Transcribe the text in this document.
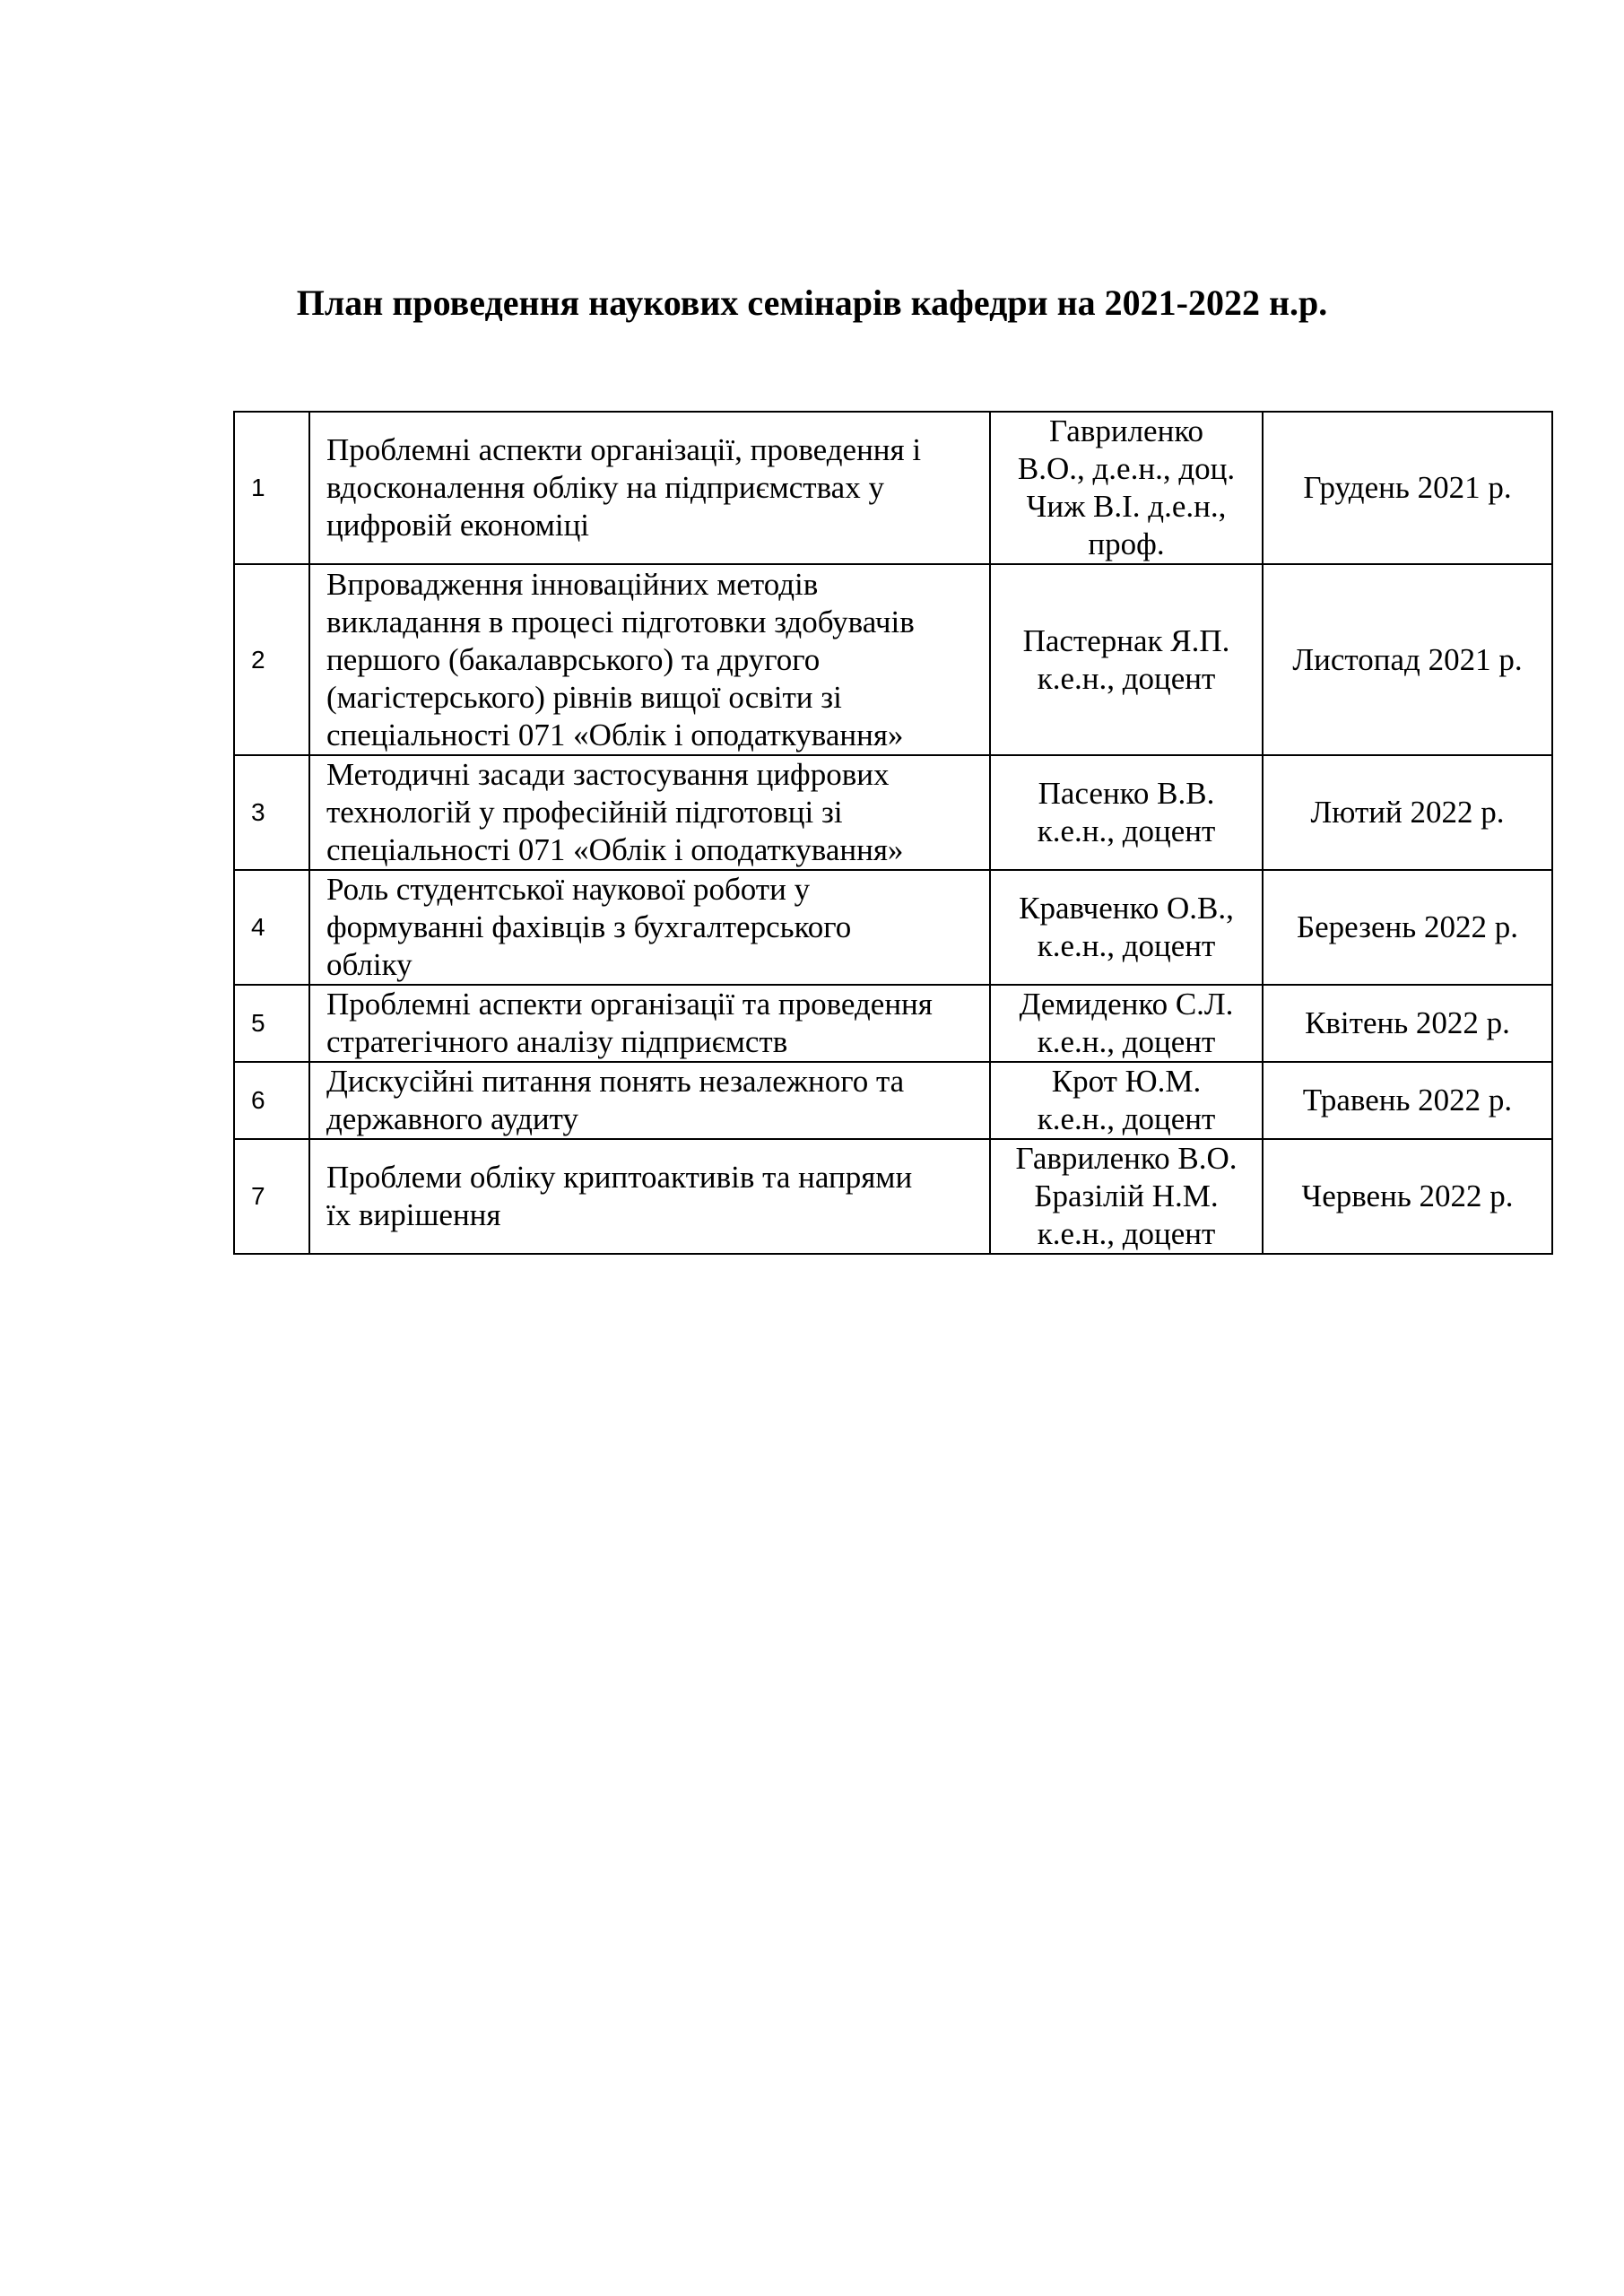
План проведення наукових семінарів кафедри на 2021-2022 н.р.
1	Проблемні аспекти організації, проведення і
вдосконалення обліку на підприємствах у
цифровій економіці	Гавриленко
В.О., д.е.н., доц.
Чиж В.І. д.е.н.,
проф.	Грудень 2021 р.
2	Впровадження інноваційних методів
викладання в процесі підготовки здобувачів
першого (бакалаврського) та другого
(магістерського) рівнів вищої освіти зі
спеціальності 071 «Облік і оподаткування»	Пастернак Я.П.
к.е.н., доцент	Листопад 2021 р.
3	Методичні засади застосування цифрових
технологій у професійній підготовці зі
спеціальності 071 «Облік і оподаткування»	Пасенко В.В.
к.е.н., доцент	Лютий 2022 р.
4	Роль студентської наукової роботи у
формуванні фахівців з бухгалтерського
обліку	Кравченко О.В.,
к.е.н., доцент	Березень 2022 р.
5	Проблемні аспекти організації та проведення
стратегічного аналізу підприємств	Демиденко С.Л.
к.е.н., доцент	Квітень 2022 р.
6	Дискусійні питання понять незалежного та
державного аудиту	Крот Ю.М.
к.е.н., доцент	Травень 2022 р.
7	Проблеми обліку криптоактивів та напрями
їх вирішення	Гавриленко В.О.
Бразілій Н.М.
к.е.н., доцент	Червень 2022 р.
